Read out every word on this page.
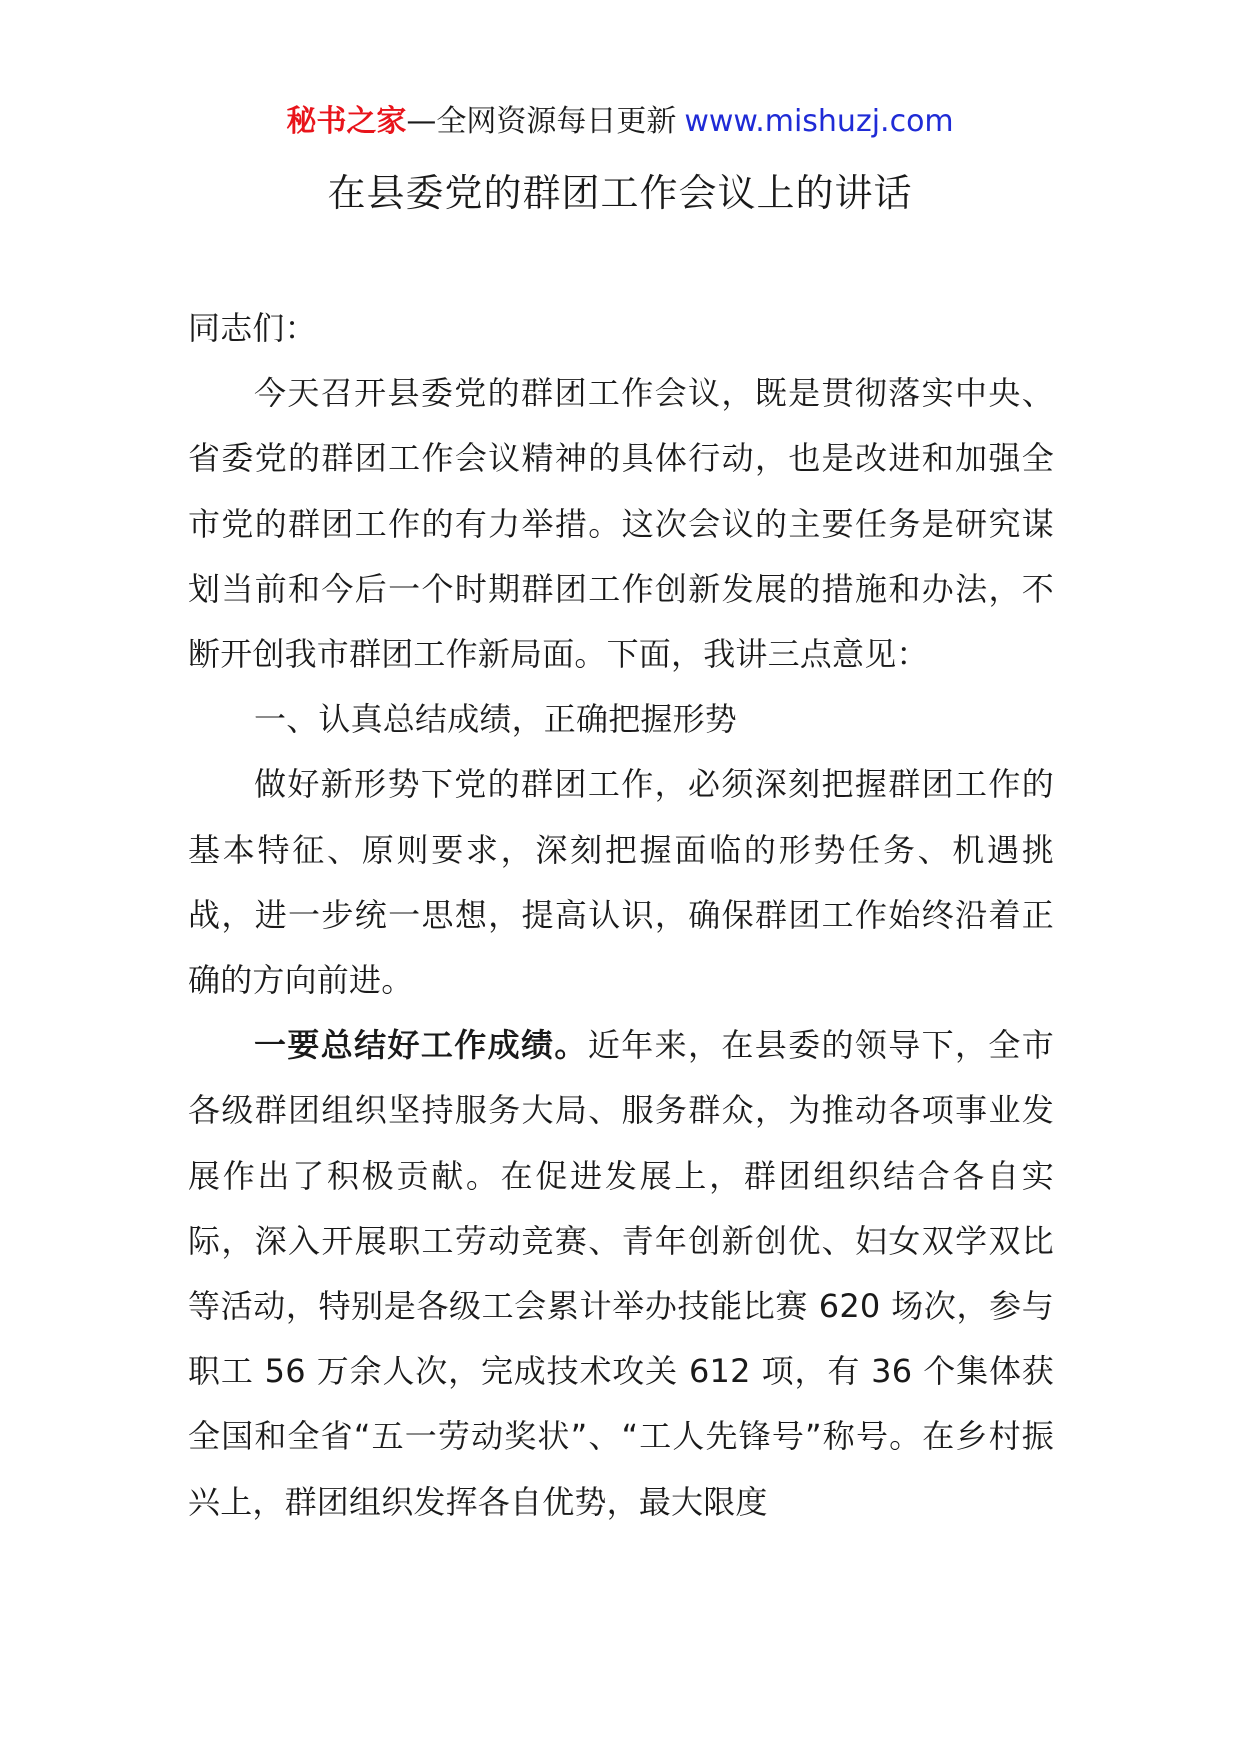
秘书之家—全网资源每日更新 www.mishuzj.com
在县委党的群团工作会议上的讲话

同志们：

今天召开县委党的群团工作会议，既是贯彻落实中央、省委党的群团工作会议精神的具体行动，也是改进和加强全市党的群团工作的有力举措。这次会议的主要任务是研究谋划当前和今后一个时期群团工作创新发展的措施和办法，不断开创我市群团工作新局面。下面，我讲三点意见：

一、认真总结成绩，正确把握形势

做好新形势下党的群团工作，必须深刻把握群团工作的基本特征、原则要求，深刻把握面临的形势任务、机遇挑战，进一步统一思想，提高认识，确保群团工作始终沿着正确的方向前进。

一要总结好工作成绩。近年来，在县委的领导下，全市各级群团组织坚持服务大局、服务群众，为推动各项事业发展作出了积极贡献。在促进发展上，群团组织结合各自实际，深入开展职工劳动竞赛、青年创新创优、妇女双学双比等活动，特别是各级工会累计举办技能比赛 620 场次，参与职工 56 万余人次，完成技术攻关 612 项，有 36 个集体获全国和全省“五一劳动奖状”、“工人先锋号”称号。在乡村振兴上，群团组织发挥各自优势，最大限度
